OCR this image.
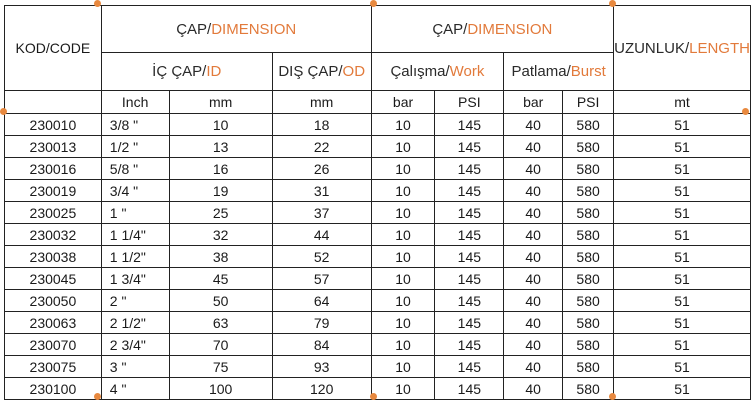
KOD/CODE	ÇAP/DIMENSION			ÇAP/DIMENSION				UZUNLUK/LENGTH
	İÇ ÇAP/ID		DIŞ ÇAP/OD	Çalışma/Work		Patlama/Burst		
	Inch	mm	mm	bar	PSI	bar	PSI	mt
230010	3/8 "	10	18	10	145	40	580	51
230013	1/2 "	13	22	10	145	40	580	51
230016	5/8 "	16	26	10	145	40	580	51
230019	3/4 "	19	31	10	145	40	580	51
230025	1 "	25	37	10	145	40	580	51
230032	1 1/4"	32	44	10	145	40	580	51
230038	1 1/2"	38	52	10	145	40	580	51
230045	1 3/4"	45	57	10	145	40	580	51
230050	2 "	50	64	10	145	40	580	51
230063	2 1/2"	63	79	10	145	40	580	51
230070	2 3/4"	70	84	10	145	40	580	51
230075	3 "	75	93	10	145	40	580	51
230100	4 "	100	120	10	145	40	580	51
